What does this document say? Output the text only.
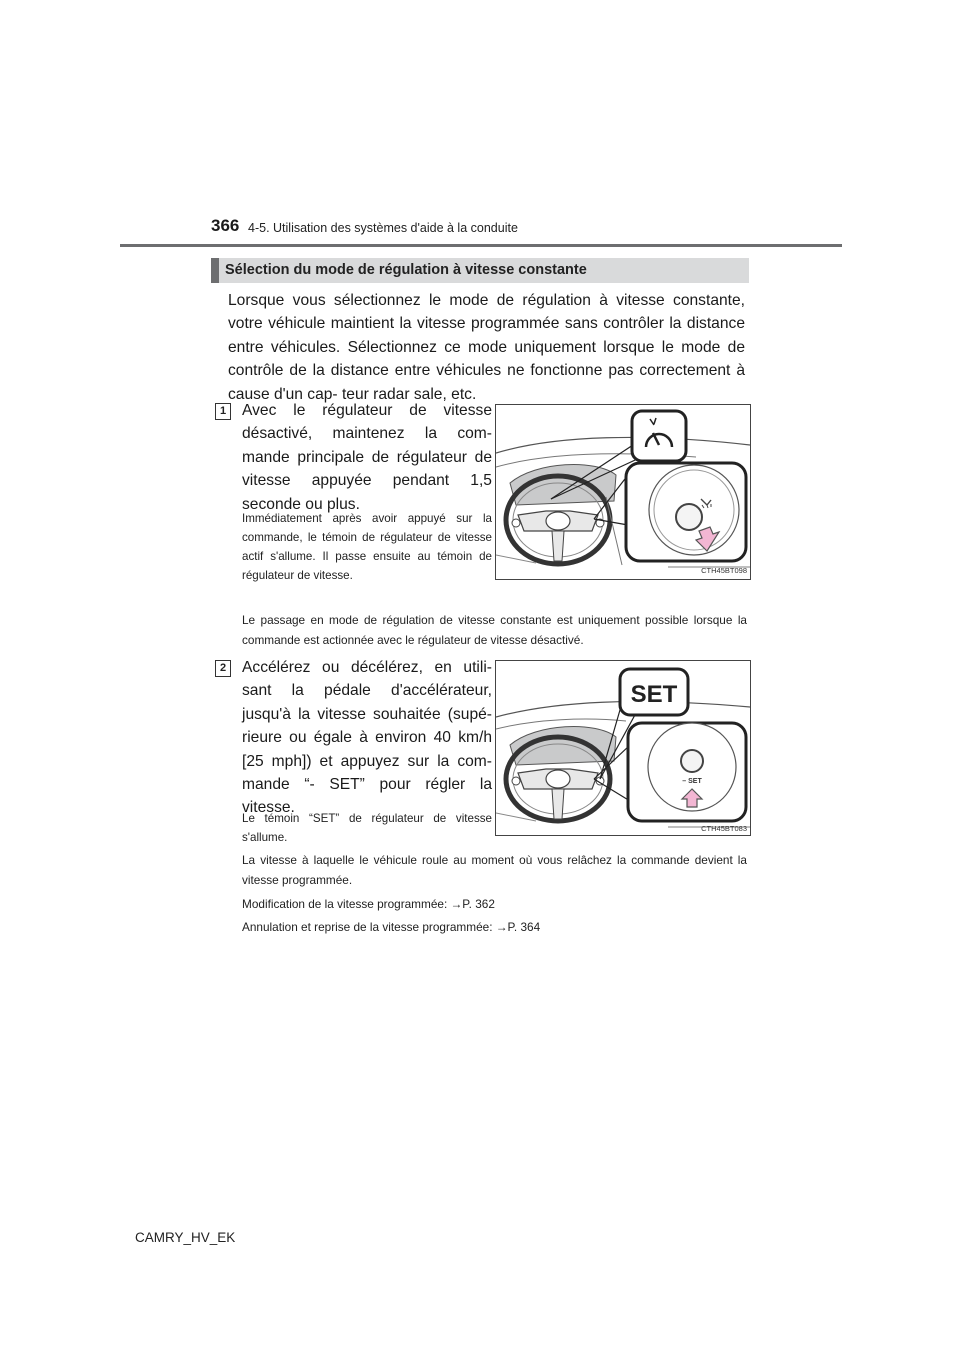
366 4-5. Utilisation des systèmes d'aide à la conduite
Sélection du mode de régulation à vitesse constante
Lorsque vous sélectionnez le mode de régulation à vitesse constante, votre véhicule maintient la vitesse programmée sans contrôler la distance entre véhicules. Sélectionnez ce mode uniquement lorsque le mode de contrôle de la distance entre véhicules ne fonctionne pas correctement à cause d'un cap- teur radar sale, etc.
1	Avec le régulateur de vitesse désactivé, maintenez la com- mande principale de régulateur de vitesse appuyée pendant 1,5 seconde ou plus.
Immédiatement après avoir appuyé sur la commande, le témoin de régulateur de vitesse actif s'allume. Il passe ensuite au témoin de régulateur de vitesse.	CTH45BT098
Le passage en mode de régulation de vitesse constante est uniquement possible lorsque la commande est actionnée avec le régulateur de vitesse désactivé.
2	Accélérez ou décélérez, en utili- sant la pédale d'accélérateur, jusqu'à la vitesse souhaitée (supé- rieure ou égale à environ 40 km/h [25 mph]) et appuyez sur la com- mande “- SET” pour régler la vitesse.
Le témoin “SET” de régulateur de vitesse s'allume.
SET
– SET
CTH45BT083
La vitesse à laquelle le véhicule roule au moment où vous relâchez la commande devient la vitesse programmée.
Modification de la vitesse programmée: →P. 362
Annulation et reprise de la vitesse programmée: →P. 364
CAMRY_HV_EK
